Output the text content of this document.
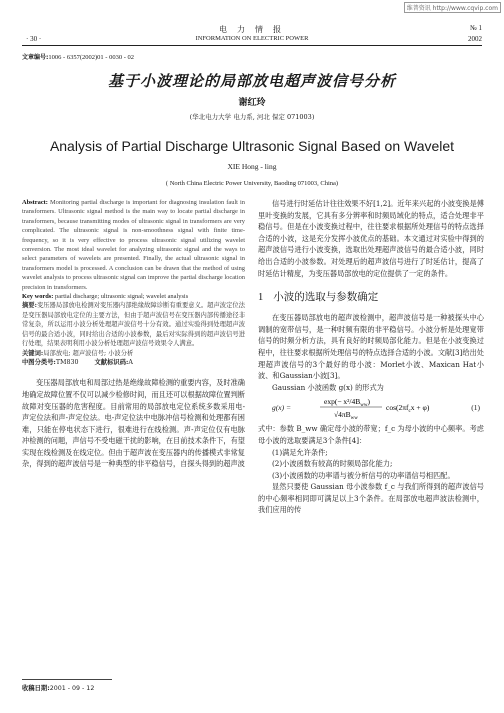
维普资讯 http://www.cqvip.com
电 力 情 报
INFORMATION ON ELECTRIC POWER
· 30 ·
№ 1
2002
文章编号:1006 - 6357(2002)01 - 0030 - 02
基于小波理论的局部放电超声波信号分析
谢红玲
(华北电力大学 电力系, 河北 保定 071003)
Analysis of Partial Discharge Ultrasonic Signal Based on Wavelet
XIE Hong - ling
( North China Electric Power University, Baoding 071003, China)
Abstract: Monitoring partial discharge is important for diagnosing insulation fault in transformers. Ultrasonic signal method is the main way to locate partial discharge in transformers, because transmitting modes of ultrasonic signal in transformers are very complicated. The ultrasonic signal is non-smoothness signal with finite time-frequency, so it is very effective to process ultrasonic signal utilizing wavelet conversion. The most ideal wavelet for analyzing ultrasonic signal and the ways to select parameters of wavelets are presented. Finally, the actual ultrasonic signal in transformers model is processed. A conclusion can be drawn that the method of using wavelet analysis to process ultrasonic signal can improve the partial discharge location precision in transformers.
Key words: partial discharge; ultrasonic signal; wavelet analysis
摘要:变压器局部放电检测对变压器内部绝缘故障诊断有重要意义。超声波定位法是变压器局部放电定位的主要方法，但由于超声波信号在变压器内部传播途径非常复杂，所以运用小波分析处理超声波信号十分有效。通过实验得到处理超声波信号的最合适小波，同时给出合适的小波参数，最后对实际得到的超声波信号进行处理，结果表明利用小波分析处理超声波信号效果令人满意。
关键词:局部放电; 超声波信号; 小波分析
中图分类号:TM830	文献标识码:A

变压器局部放电和局部过热是绝缘故障检测的重要内容，及时准确地确定故障位置不仅可以减少检修时间，而且还可以根据故障位置判断故障对变压器的危害程度。目前常用的局部放电定位系统多数采用电-声定位法和声-声定位法。电-声定位法中电脉冲信号检测和处理都有困难，只能在停电状态下进行，很难进行在线检测。声-声定位仅有电脉冲检测的问题，声信号不受电磁干扰的影响，在目前技术条件下，有望实现在线检测及在线定位。但由于超声波在变压器内的传播模式非常复杂，得到的超声波信号是一种典型的非平稳信号，自探头得到的超声波

收稿日期:2001 - 09 - 12

信号进行时延估计往往效果不好[1,2]。近年来兴起的小波变换是傅里叶变换的发展，它具有多分辨率和时频局域化的特点，适合处理非平稳信号。但是在小波变换过程中，往往要求根据所处理信号的特点选择合适的小波，这是充分发挥小波优点的基础。本文通过对实验中得到的超声波信号进行小波变换，选取出处理超声波信号的最合适小波，同时给出合适的小波参数。对处理后的超声波信号进行了时延估计，提高了时延估计精度，为变压器局部放电的定位提供了一定的条件。

1 小波的选取与参数确定

在变压器局部放电的超声波检测中，超声波信号是一种被探头中心调制的宽带信号，是一种时频有限的非平稳信号。小波分析是处理宽带信号的时频分析方法，具有良好的时频局部化能力。但是在小波变换过程中，往往要求根据所处理信号的特点选择合适的小波。文献[3]给出处理超声波信号的3个最好的母小波：Morlet小波、Maxican Hat小波、和Gaussian小波[3]。

Gaussian 小波函数 g(x) 的形式为

g(x) =
$\exp(- x^2/4B_{ww})$
$√4\pi B_{ww}$
$\cos(2\pi f_cx + \varphi)$	(1)

式中：参数 B_ww 确定母小波的带宽；f_c 为母小波的中心频率。考虑母小波的选取要满足3个条件[4]：

(1)满足允许条件;
(2)小波函数有较高的时频局部化能力;
(3)小波函数的功率谱与被分析信号的功率谱信号相匹配。

显然只要使 Gaussian 母小波参数 f_c 与我们所得到的超声波信号的中心频率相同即可满足以上3个条件。在局部放电超声波法检测中，我们应用的传
